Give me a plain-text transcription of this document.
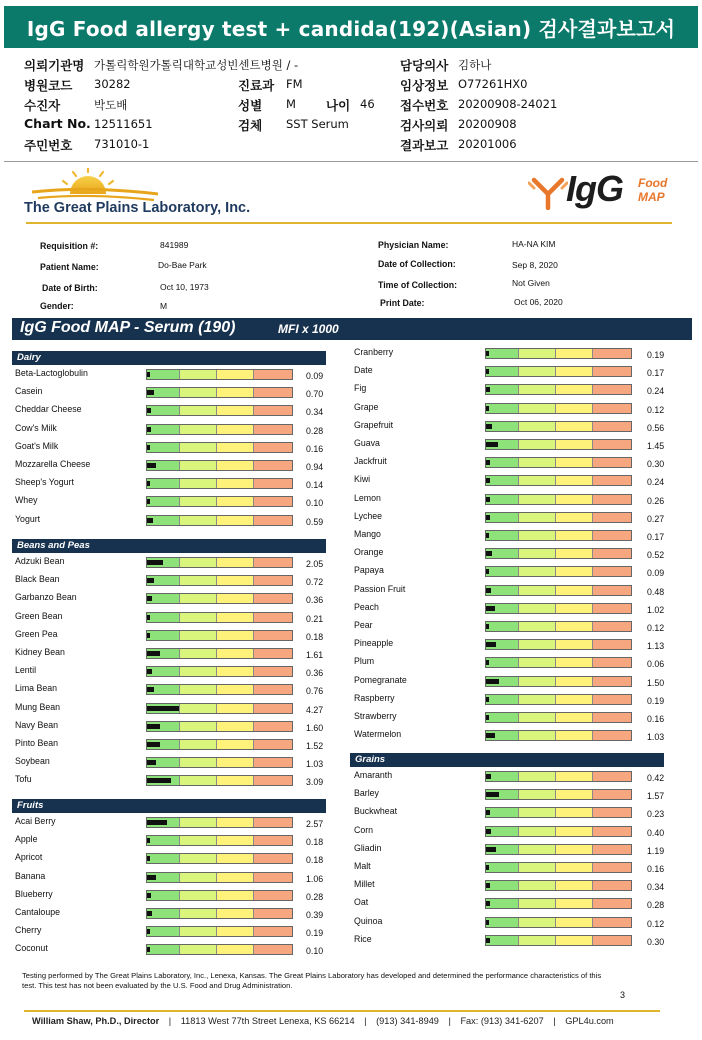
IgG Food allergy test + candida(192)(Asian) 검사결과보고서
의뢰기관명 가톨릭학원가톨릭대학교성빈센트병원 / -
병원코드 30282	진료과 FM
수진자	박도배	성별 M 나이 46
Chart No. 12511651	검체 SST Serum
주민번호 731010-1
담당의사 김하나
임상정보 O77261HX0
접수번호 20200908-24021
검사의뢰 20200908
결과보고 20201006
The Great Plains Laboratory, Inc.	IgG Food
MAP
Requisition #:	841989
Patient Name:	Do-Bae Park
Date of Birth:	Oct 10, 1973
Gender:	M
Physician Name:	HA-NA KIM
Date of Collection:	Sep 8, 2020
Time of Collection:	Not Given
Print Date:	Oct 06, 2020
IgG Food MAP - Serum (190)	MFI x 1000
Dairy
Beta-Lactoglobulin	0.09
Casein	0.70
Cheddar Cheese	0.34
Cow's Milk	0.28
Goat's Milk	0.16
Mozzarella Cheese	0.94
Sheep's Yogurt	0.14
Whey	0.10
Yogurt	0.59
Beans and Peas
Adzuki Bean	2.05
Black Bean	0.72
Garbanzo Bean	0.36
Green Bean	0.21
Green Pea	0.18
Kidney Bean	1.61
Lentil	0.36
Lima Bean	0.76
Mung Bean	4.27
Navy Bean	1.60
Pinto Bean	1.52
Soybean	1.03
Tofu	3.09
Fruits
Acai Berry	2.57
Apple	0.18
Apricot	0.18
Banana	1.06
Blueberry	0.28
Cantaloupe	0.39
Cherry	0.19
Coconut	0.10
Cranberry	0.19
Date	0.17
Fig	0.24
Grape	0.12
Grapefruit	0.56
Guava	1.45
Jackfruit	0.30
Kiwi	0.24
Lemon	0.26
Lychee	0.27
Mango	0.17
Orange	0.52
Papaya	0.09
Passion Fruit	0.48
Peach	1.02
Pear	0.12
Pineapple	1.13
Plum	0.06
Pomegranate	1.50
Raspberry	0.19
Strawberry	0.16
Watermelon	1.03
Grains
Amaranth	0.42
Barley	1.57
Buckwheat	0.23
Corn	0.40
Gliadin	1.19
Malt	0.16
Millet	0.34
Oat	0.28
Quinoa	0.12
Rice	0.30
Testing performed by The Great Plains Laboratory, Inc., Lenexa, Kansas. The Great Plains Laboratory has developed and determined the performance characteristics of this test. This test has not been evaluated by the U.S. Food and Drug Administration.
3
William Shaw, Ph.D., Director | 11813 West 77th Street Lenexa, KS 66214 | (913) 341-8949 | Fax: (913) 341-6207 | GPL4u.com
